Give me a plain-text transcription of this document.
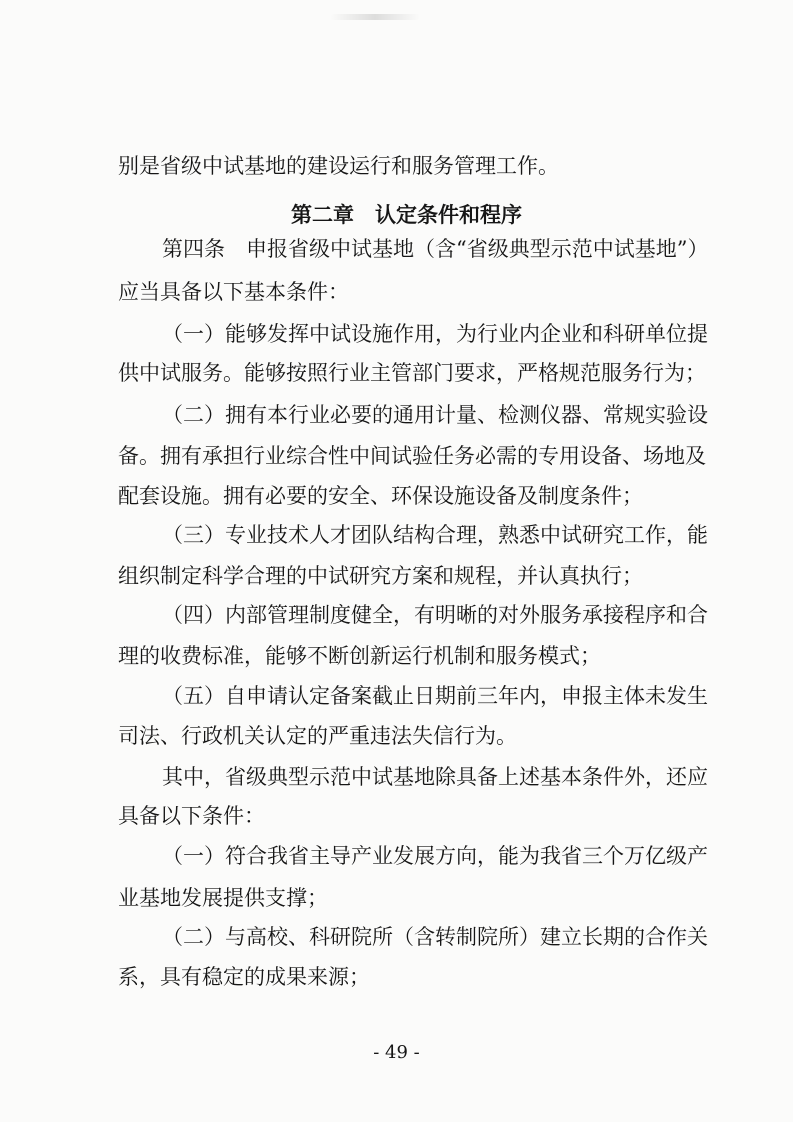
别是省级中试基地的建设运行和服务管理工作。
第二章　认定条件和程序
第四条　申报省级中试基地（含“省级典型示范中试基地”）
应当具备以下基本条件：
（一）能够发挥中试设施作用，为行业内企业和科研单位提
供中试服务。能够按照行业主管部门要求，严格规范服务行为；
（二）拥有本行业必要的通用计量、检测仪器、常规实验设
备。拥有承担行业综合性中间试验任务必需的专用设备、场地及
配套设施。拥有必要的安全、环保设施设备及制度条件；
（三）专业技术人才团队结构合理，熟悉中试研究工作，能
组织制定科学合理的中试研究方案和规程，并认真执行；
（四）内部管理制度健全，有明晰的对外服务承接程序和合
理的收费标准，能够不断创新运行机制和服务模式；
（五）自申请认定备案截止日期前三年内，申报主体未发生
司法、行政机关认定的严重违法失信行为。
其中，省级典型示范中试基地除具备上述基本条件外，还应
具备以下条件：
（一）符合我省主导产业发展方向，能为我省三个万亿级产
业基地发展提供支撑；
（二）与高校、科研院所（含转制院所）建立长期的合作关
系，具有稳定的成果来源；
- 49 -
